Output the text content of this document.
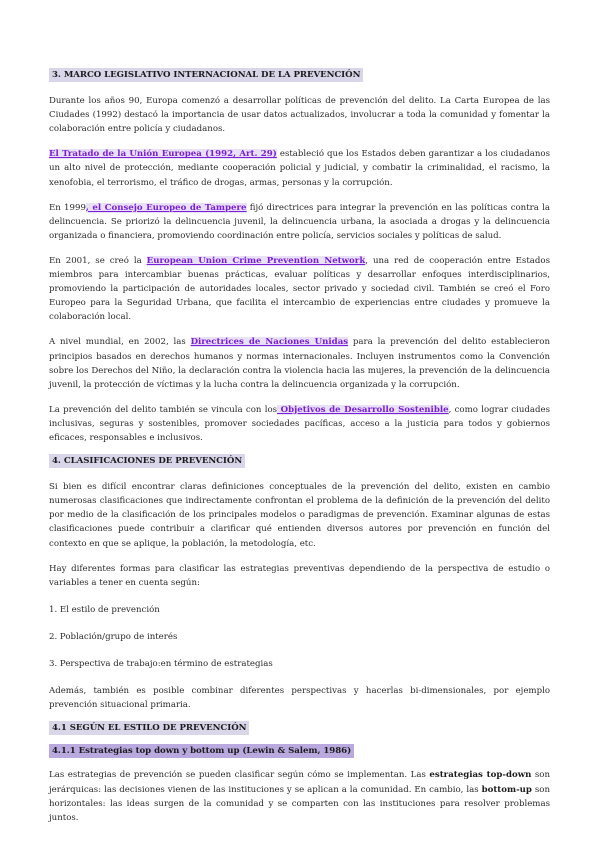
3. MARCO LEGISLATIVO INTERNACIONAL DE LA PREVENCIÓN

Durante los años 90, Europa comenzó a desarrollar políticas de prevención del delito. La Carta Europea de las Ciudades (1992) destacó la importancia de usar datos actualizados, involucrar a toda la comunidad y fomentar la colaboración entre policía y ciudadanos.

El Tratado de la Unión Europea (1992, Art. 29) estableció que los Estados deben garantizar a los ciudadanos un alto nivel de protección, mediante cooperación policial y judicial, y combatir la criminalidad, el racismo, la xenofobia, el terrorismo, el tráfico de drogas, armas, personas y la corrupción.

En 1999, el Consejo Europeo de Tampere fijó directrices para integrar la prevención en las políticas contra la delincuencia. Se priorizó la delincuencia juvenil, la delincuencia urbana, la asociada a drogas y la delincuencia organizada o financiera, promoviendo coordinación entre policía, servicios sociales y políticas de salud.

En 2001, se creó la European Union Crime Prevention Network, una red de cooperación entre Estados miembros para intercambiar buenas prácticas, evaluar políticas y desarrollar enfoques interdisciplinarios, promoviendo la participación de autoridades locales, sector privado y sociedad civil. También se creó el Foro Europeo para la Seguridad Urbana, que facilita el intercambio de experiencias entre ciudades y promueve la colaboración local.

A nivel mundial, en 2002, las Directrices de Naciones Unidas para la prevención del delito establecieron principios basados en derechos humanos y normas internacionales. Incluyen instrumentos como la Convención sobre los Derechos del Niño, la declaración contra la violencia hacia las mujeres, la prevención de la delincuencia juvenil, la protección de víctimas y la lucha contra la delincuencia organizada y la corrupción.

La prevención del delito también se vincula con los Objetivos de Desarrollo Sostenible, como lograr ciudades inclusivas, seguras y sostenibles, promover sociedades pacíficas, acceso a la justicia para todos y gobiernos eficaces, responsables e inclusivos.

4. CLASIFICACIONES DE PREVENCIÓN

Si bien es difícil encontrar claras definiciones conceptuales de la prevención del delito, existen en cambio numerosas clasificaciones que indirectamente confrontan el problema de la definición de la prevención del delito por medio de la clasificación de los principales modelos o paradigmas de prevención. Examinar algunas de estas clasificaciones puede contribuir a clarificar qué entienden diversos autores por prevención en función del contexto en que se aplique, la población, la metodología, etc.

Hay diferentes formas para clasificar las estrategias preventivas dependiendo de la perspectiva de estudio o variables a tener en cuenta según:

1. El estilo de prevención
2. Población/grupo de interés
3. Perspectiva de trabajo:en término de estrategias

Además, también es posible combinar diferentes perspectivas y hacerlas bi-dimensionales, por ejemplo prevención situacional primaria.

4.1 SEGÚN EL ESTILO DE PREVENCIÓN
4.1.1 Estrategias top down y bottom up (Lewin & Salem, 1986)

Las estrategias de prevención se pueden clasificar según cómo se implementan. Las estrategias top-down son jerárquicas: las decisiones vienen de las instituciones y se aplican a la comunidad. En cambio, las bottom-up son horizontales: las ideas surgen de la comunidad y se comparten con las instituciones para resolver problemas juntos.
